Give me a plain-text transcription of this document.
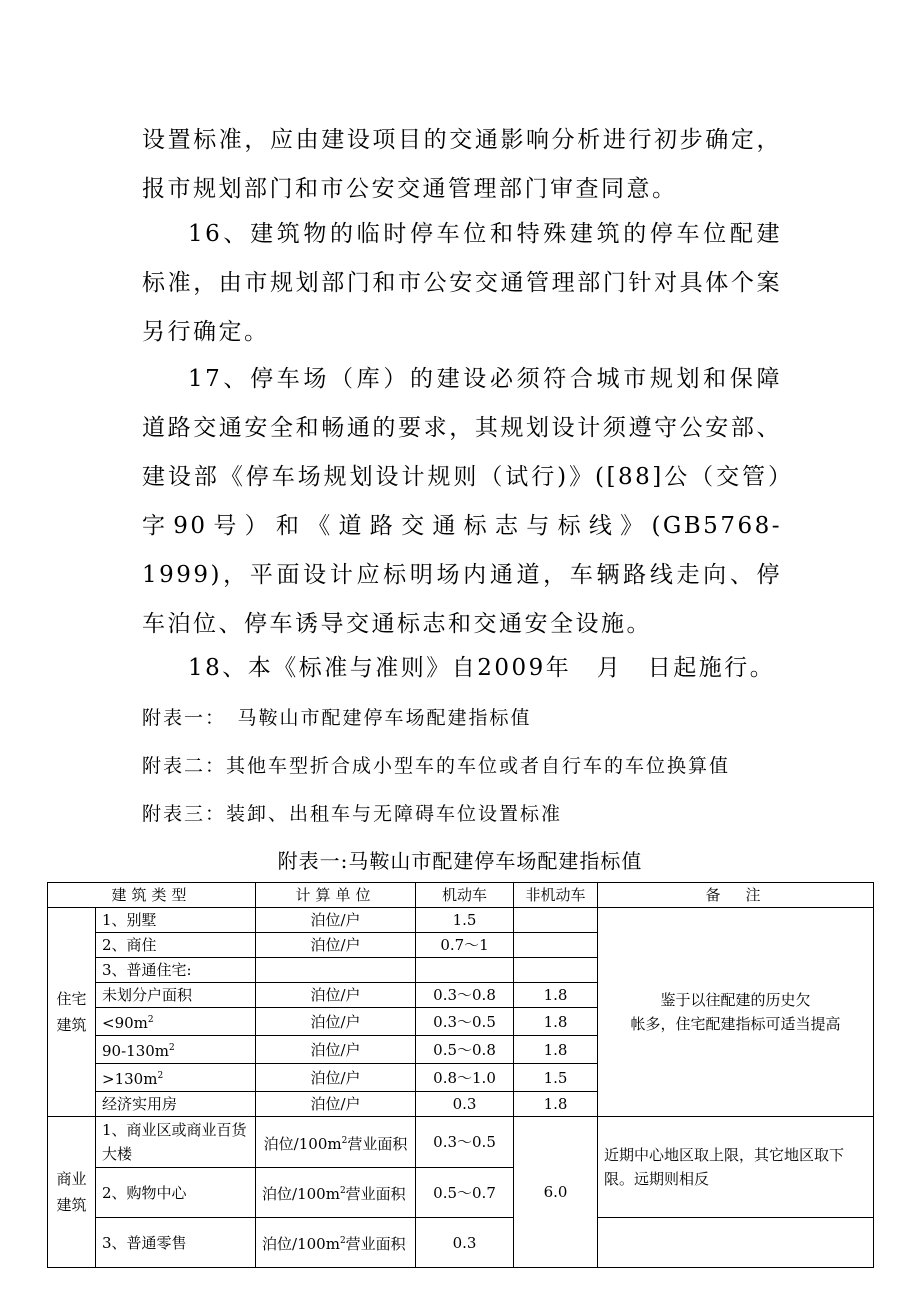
设置标准，应由建设项目的交通影响分析进行初步确定，报市规划部门和市公安交通管理部门审查同意。

16、建筑物的临时停车位和特殊建筑的停车位配建标准，由市规划部门和市公安交通管理部门针对具体个案另行确定。

17、停车场（库）的建设必须符合城市规划和保障道路交通安全和畅通的要求，其规划设计须遵守公安部、建设部《停车场规划设计规则（试行)》([88]公（交管）字90号）和《道路交通标志与标线》(GB5768-1999)，平面设计应标明场内通道，车辆路线走向、停车泊位、停车诱导交通标志和交通安全设施。

18、本《标准与准则》自2009年　月　日起施行。

附表一：　马鞍山市配建停车场配建指标值

附表二：其他车型折合成小型车的车位或者自行车的车位换算值

附表三：装卸、出租车与无障碍车位设置标准

附表一:马鞍山市配建停车场配建指标值
建筑类型		计算单位	机动车	非机动车	备　注
住宅建筑	1、别墅	泊位/户	1.5		鉴于以往配建的历史欠
帐多，住宅配建指标可适当提高
	2、商住	泊位/户	0.7～1		
	3、普通住宅:				
	未划分户面积	泊位/户	0.3～0.8	1.8	
	$<90m^2$	泊位/户	0.3～0.5	1.8	
	$90-130m^2$	泊位/户	0.5～0.8	1.8	
	$>130m^2$	泊位/户	0.8～1.0	1.5	
	经济实用房	泊位/户	0.3	1.8	
商业建筑	1、商业区或商业百货大楼	泊位$/100m^2$营业面积	0.3～0.5	6.0	近期中心地区取上限，其它地区取下限。远期则相反
	2、购物中心	泊位$/100m^2$营业面积	0.5～0.7		
	3、普通零售	泊位$/100m^2$营业面积	0.3		
